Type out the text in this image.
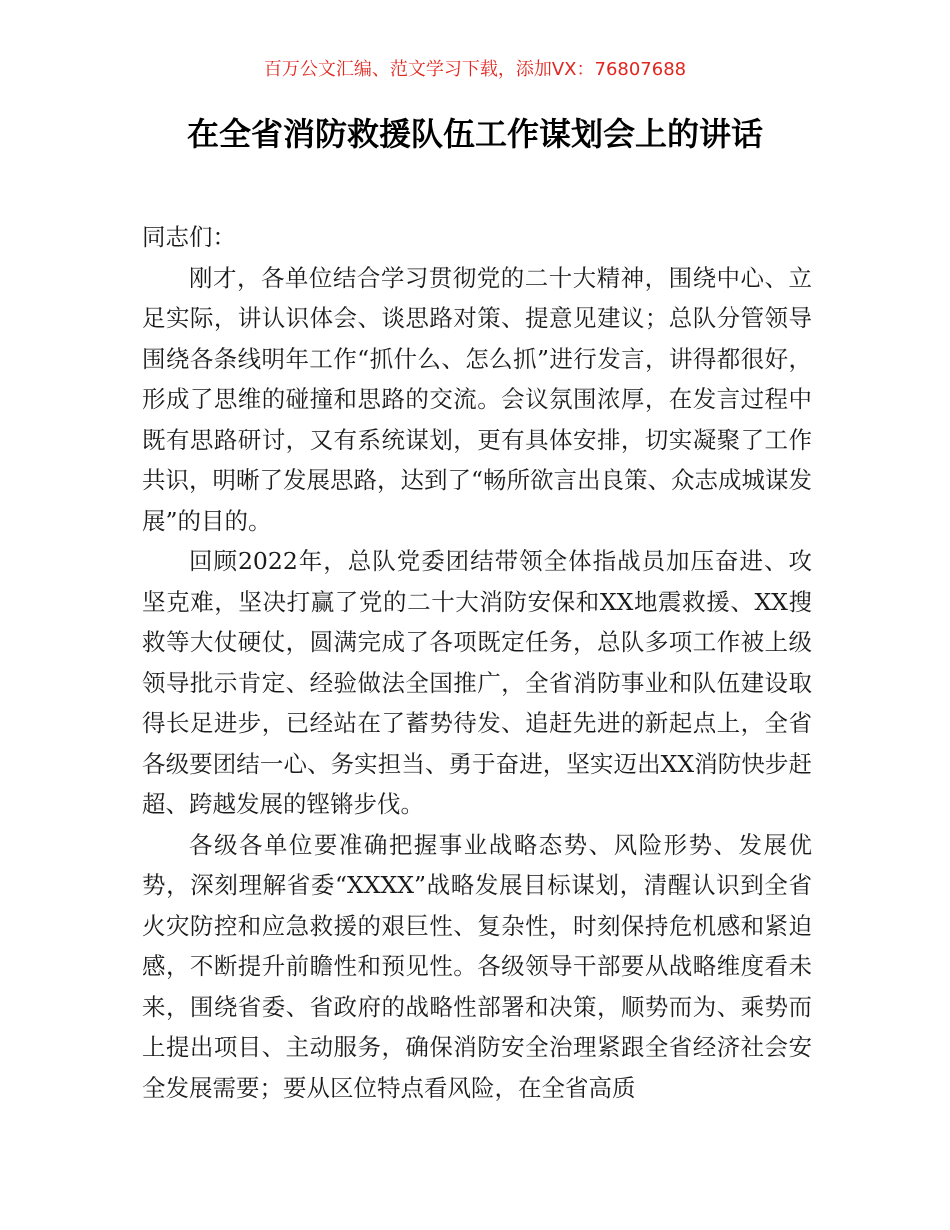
百万公文汇编、范文学习下载，添加VX：76807688
在全省消防救援队伍工作谋划会上的讲话

同志们：

刚才，各单位结合学习贯彻党的二十大精神，围绕中心、立足实际，讲认识体会、谈思路对策、提意见建议；总队分管领导围绕各条线明年工作“抓什么、怎么抓”进行发言，讲得都很好，形成了思维的碰撞和思路的交流。会议氛围浓厚，在发言过程中既有思路研讨，又有系统谋划，更有具体安排，切实凝聚了工作共识，明晰了发展思路，达到了“畅所欲言出良策、众志成城谋发展”的目的。

回顾2022年，总队党委团结带领全体指战员加压奋进、攻坚克难，坚决打赢了党的二十大消防安保和XX地震救援、XX搜救等大仗硬仗，圆满完成了各项既定任务，总队多项工作被上级领导批示肯定、经验做法全国推广，全省消防事业和队伍建设取得长足进步，已经站在了蓄势待发、追赶先进的新起点上，全省各级要团结一心、务实担当、勇于奋进，坚实迈出XX消防快步赶超、跨越发展的铿锵步伐。

各级各单位要准确把握事业战略态势、风险形势、发展优势，深刻理解省委“XXXX”战略发展目标谋划，清醒认识到全省火灾防控和应急救援的艰巨性、复杂性，时刻保持危机感和紧迫感，不断提升前瞻性和预见性。各级领导干部要从战略维度看未来，围绕省委、省政府的战略性部署和决策，顺势而为、乘势而上提出项目、主动服务，确保消防安全治理紧跟全省经济社会安全发展需要；要从区位特点看风险，在全省高质
